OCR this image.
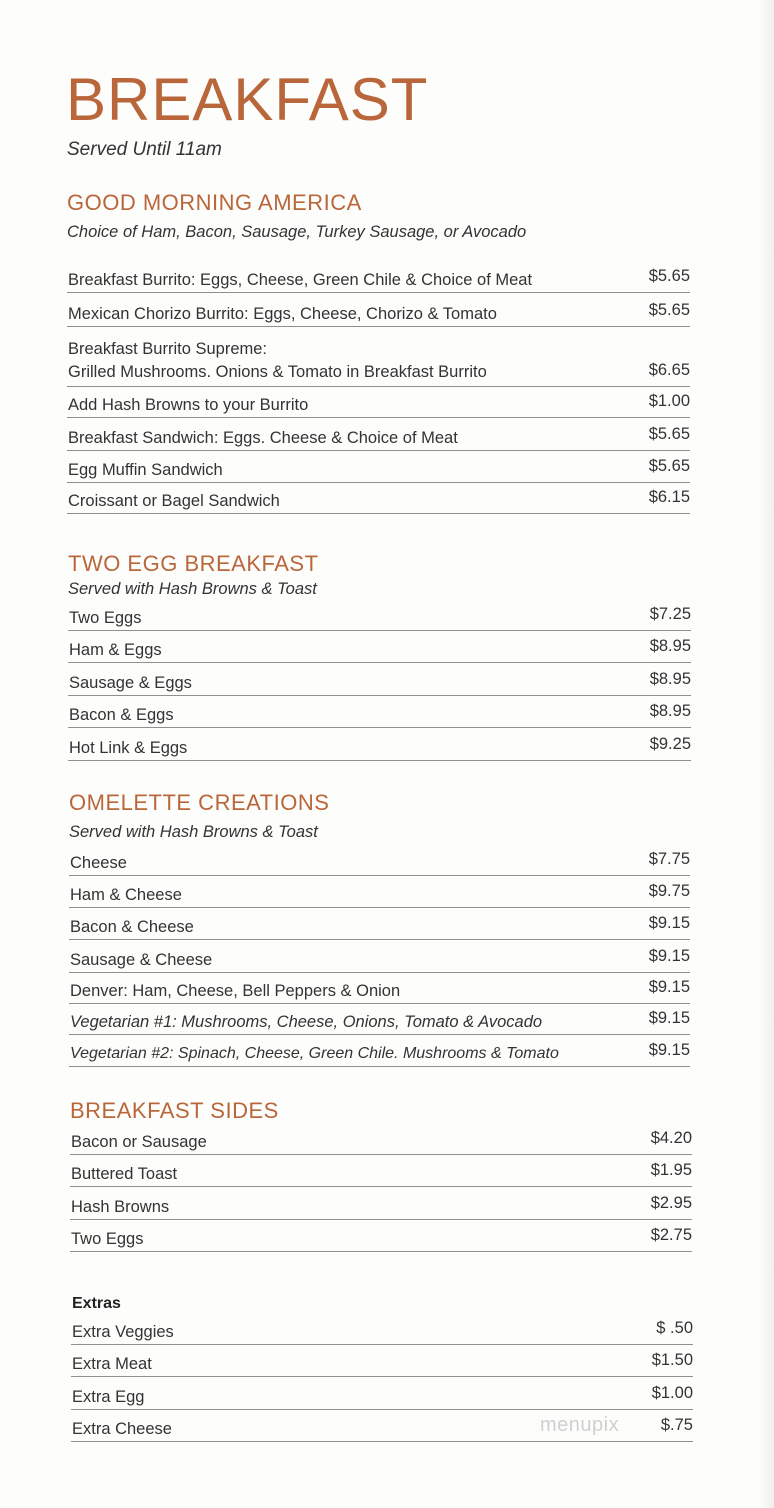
BREAKFAST
Served Until 11am
GOOD MORNING AMERICA
Choice of Ham, Bacon, Sausage, Turkey Sausage, or Avocado
Breakfast Burrito: Eggs, Cheese, Green Chile & Choice of Meat	$5.65
Mexican Chorizo Burrito: Eggs, Cheese, Chorizo & Tomato	$5.65
Breakfast Burrito Supreme:
Grilled Mushrooms. Onions & Tomato in Breakfast Burrito	$6.65
Add Hash Browns to your Burrito	$1.00
Breakfast Sandwich: Eggs. Cheese & Choice of Meat	$5.65
Egg Muffin Sandwich	$5.65
Croissant or Bagel Sandwich	$6.15
TWO EGG BREAKFAST
Served with Hash Browns & Toast
Two Eggs	$7.25
Ham & Eggs	$8.95
Sausage & Eggs	$8.95
Bacon & Eggs	$8.95
Hot Link & Eggs	$9.25
OMELETTE CREATIONS
Served with Hash Browns & Toast
Cheese	$7.75
Ham & Cheese	$9.75
Bacon & Cheese	$9.15
Sausage & Cheese	$9.15
Denver: Ham, Cheese, Bell Peppers & Onion	$9.15
Vegetarian #1: Mushrooms, Cheese, Onions, Tomato & Avocado	$9.15
Vegetarian #2: Spinach, Cheese, Green Chile. Mushrooms & Tomato	$9.15
BREAKFAST SIDES
Bacon or Sausage	$4.20
Buttered Toast	$1.95
Hash Browns	$2.95
Two Eggs	$2.75
Extras
Extra Veggies	$ .50
Extra Meat	$1.50
Extra Egg	$1.00
Extra Cheese	$.75
menupix
